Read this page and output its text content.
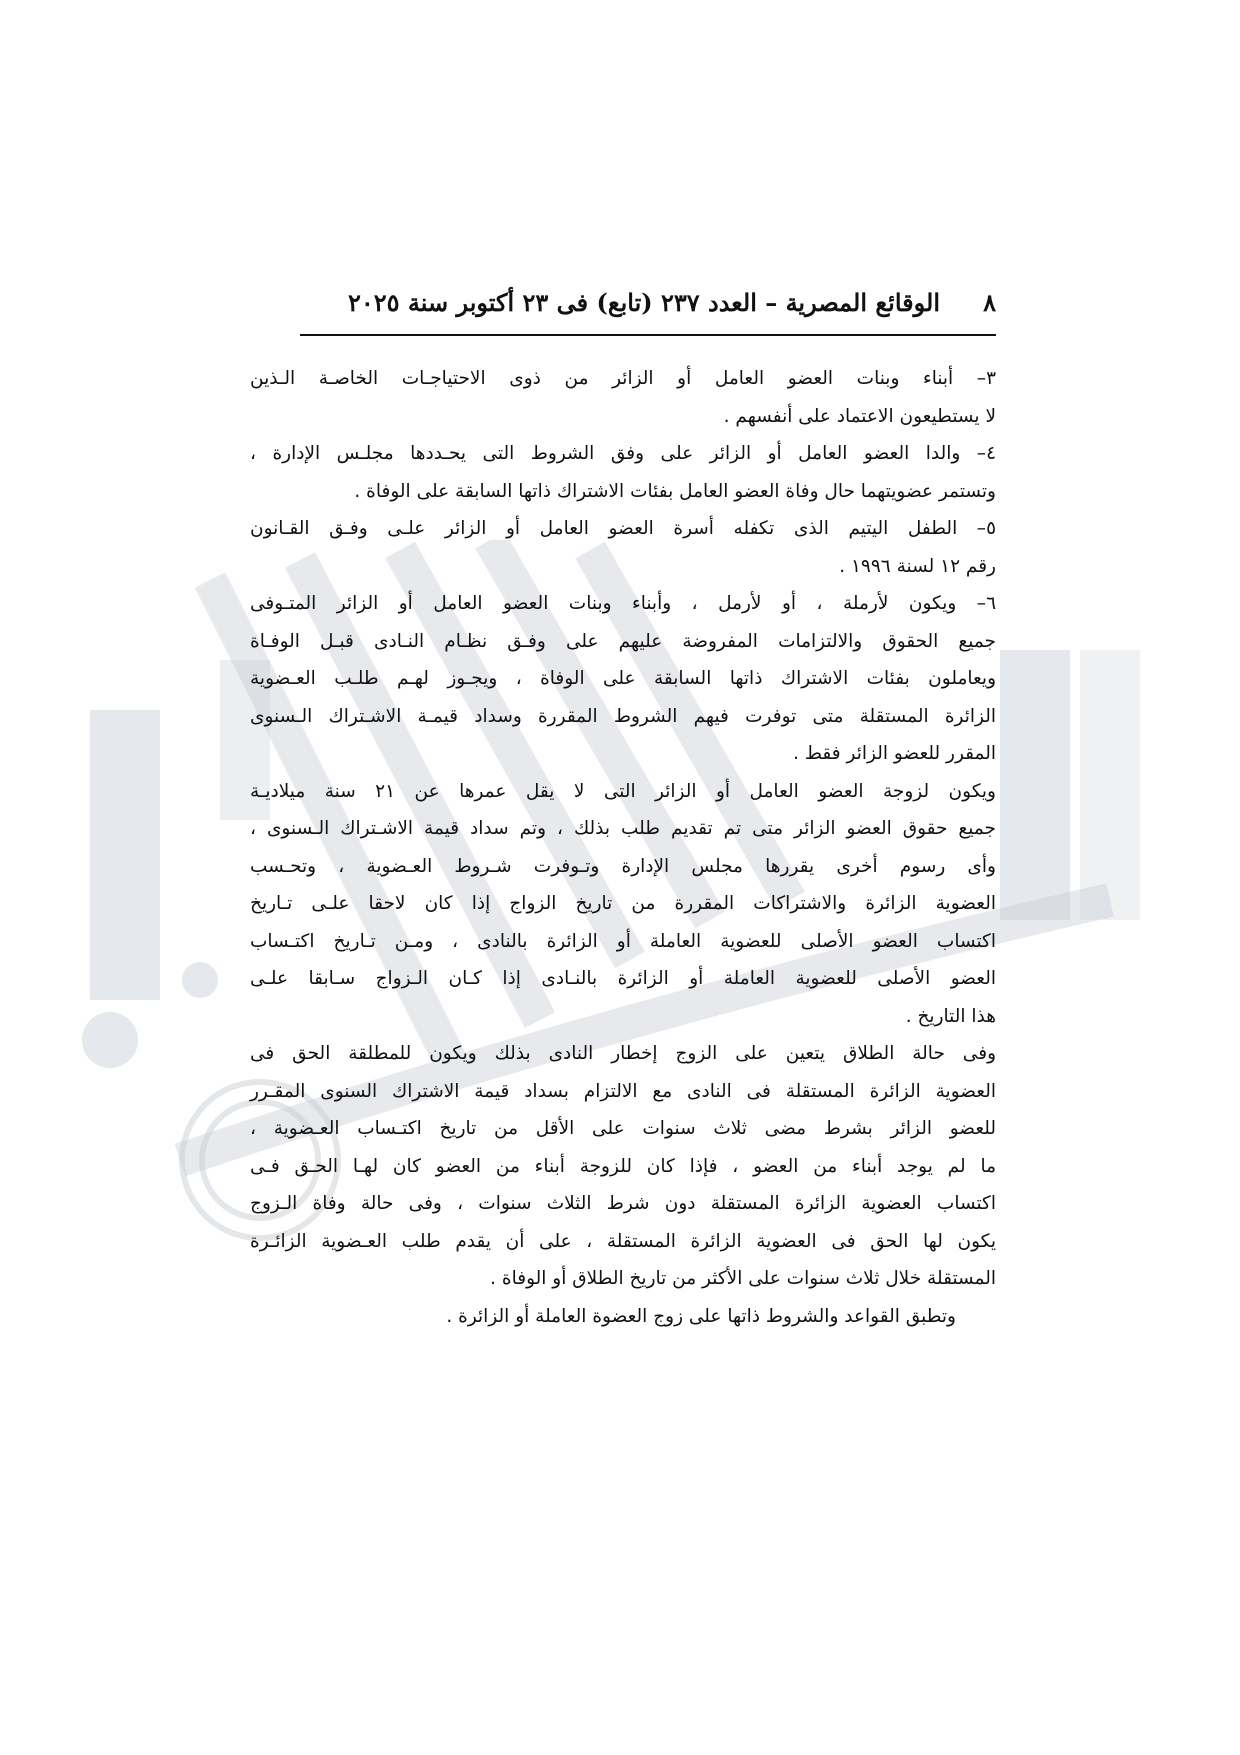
٨
الوقائع المصرية – العدد ٢٣٧ (تابع) فى ٢٣ أكتوبر سنة ٢٠٢٥

٣– أبناء وبنات العضو العامل أو الزائر من ذوى الاحتياجـات الخاصـة الـذين
لا يستطيعون الاعتماد على أنفسهم .

٤– والدا العضو العامل أو الزائر على وفق الشروط التى يحـددها مجلـس الإدارة ،
وتستمر عضويتهما حال وفاة العضو العامل بفئات الاشتراك ذاتها السابقة على الوفاة .

٥– الطفل اليتيم الذى تكفله أسرة العضو العامل أو الزائر علـى وفـق القـانون
رقم ١٢ لسنة ١٩٩٦ .

٦– ويكون لأرملة ، أو لأرمل ، وأبناء وبنات العضو العامل أو الزائر المتـوفى
جميع الحقوق والالتزامات المفروضة عليهم على وفـق نظـام النـادى قبـل الوفـاة
ويعاملون بفئات الاشتراك ذاتها السابقة على الوفاة ، ويجـوز لهـم طلـب العـضوية
الزائرة المستقلة متى توفرت فيهم الشروط المقررة وسداد قيمـة الاشـتراك الـسنوى
المقرر للعضو الزائر فقط .

ويكون لزوجة العضو العامل أو الزائر التى لا يقل عمرها عن ٢١ سنة ميلاديـة
جميع حقوق العضو الزائر متى تم تقديم طلب بذلك ، وتم سداد قيمة الاشـتراك الـسنوى ،
وأى رسوم أخرى يقررها مجلس الإدارة وتـوفرت شـروط العـضوية ، وتحـسب
العضوية الزائرة والاشتراكات المقررة من تاريخ الزواج إذا كان لاحقا علـى تـاريخ
اكتساب العضو الأصلى للعضوية العاملة أو الزائرة بالنادى ، ومـن تـاريخ اكتـساب
العضو الأصلى للعضوية العاملة أو الزائرة بالنـادى إذا كـان الـزواج سـابقا علـى
هذا التاريخ .

وفى حالة الطلاق يتعين على الزوج إخطار النادى بذلك ويكون للمطلقة الحق فى
العضوية الزائرة المستقلة فى النادى مع الالتزام بسداد قيمة الاشتراك السنوى المقـرر
للعضو الزائر بشرط مضى ثلاث سنوات على الأقل من تاريخ اكتـساب العـضوية ،
ما لم يوجد أبناء من العضو ، فإذا كان للزوجة أبناء من العضو كان لهـا الحـق فـى
اكتساب العضوية الزائرة المستقلة دون شرط الثلاث سنوات ، وفى حالة وفاة الـزوج
يكون لها الحق فى العضوية الزائرة المستقلة ، على أن يقدم طلب العـضوية الزائـرة
المستقلة خلال ثلاث سنوات على الأكثر من تاريخ الطلاق أو الوفاة .

وتطبق القواعد والشروط ذاتها على زوج العضوة العاملة أو الزائرة .
